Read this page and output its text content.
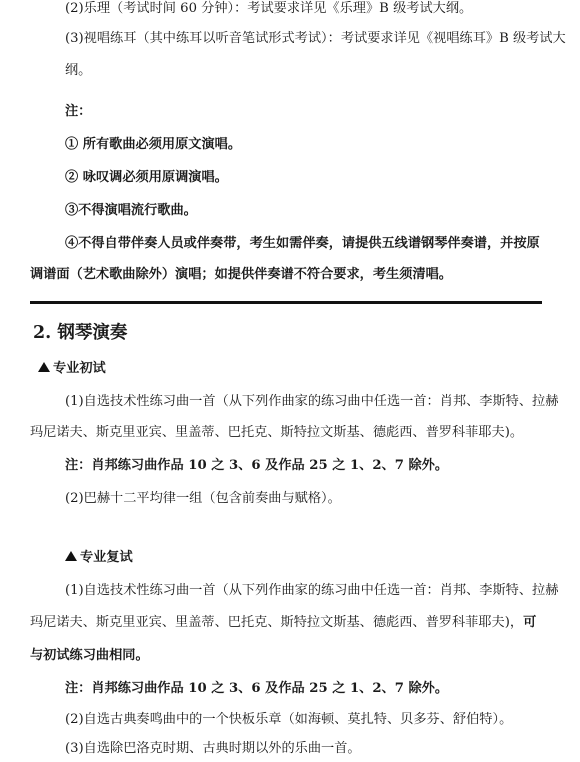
(2)乐理（考试时间 60 分钟）：考试要求详见《乐理》B 级考试大纲。
(3)视唱练耳（其中练耳以听音笔试形式考试）：考试要求详见《视唱练耳》B 级考试大
纲。
注：
① 所有歌曲必须用原文演唱。
② 咏叹调必须用原调演唱。
③不得演唱流行歌曲。
④不得自带伴奏人员或伴奏带，考生如需伴奏，请提供五线谱钢琴伴奏谱，并按原
调谱面（艺术歌曲除外）演唱；如提供伴奏谱不符合要求，考生须清唱。
2. 钢琴演奏
专业初试
(1)自选技术性练习曲一首（从下列作曲家的练习曲中任选一首：肖邦、李斯特、拉赫
玛尼诺夫、斯克里亚宾、里盖蒂、巴托克、斯特拉文斯基、德彪西、普罗科菲耶夫)。
注：肖邦练习曲作品 10 之 3、6 及作品 25 之 1、2、7 除外。
(2)巴赫十二平均律一组（包含前奏曲与赋格）。
专业复试
(1)自选技术性练习曲一首（从下列作曲家的练习曲中任选一首：肖邦、李斯特、拉赫
玛尼诺夫、斯克里亚宾、里盖蒂、巴托克、斯特拉文斯基、德彪西、普罗科菲耶夫)，可
与初试练习曲相同。
注：肖邦练习曲作品 10 之 3、6 及作品 25 之 1、2、7 除外。
(2)自选古典奏鸣曲中的一个快板乐章（如海顿、莫扎特、贝多芬、舒伯特）。
(3)自选除巴洛克时期、古典时期以外的乐曲一首。
